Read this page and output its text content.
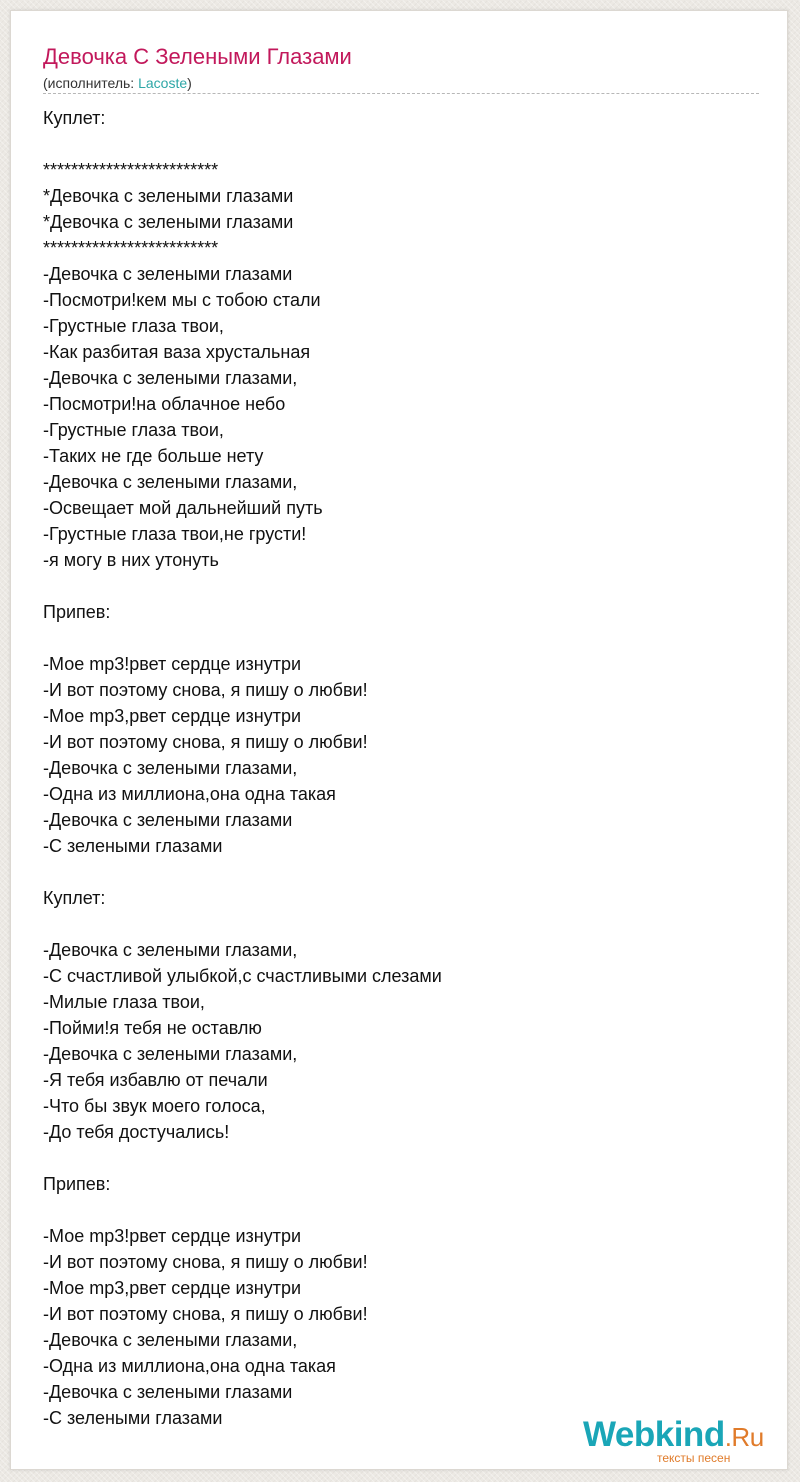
Девочка С Зелеными Глазами
(исполнитель: Lacoste)
Куплет:
*************************
*Девочка с зелеными глазами
*Девочка с зелеными глазами
*************************
-Девочка с зелеными глазами
-Посмотри!кем мы с тобою стали
-Грустные глаза твои,
-Как разбитая ваза хрустальная
-Девочка с зелеными глазами,
-Посмотри!на облачное небо
-Грустные глаза твои,
-Таких не где больше нету
-Девочка с зелеными глазами,
-Освещает мой дальнейший путь
-Грустные глаза твои,не грусти!
-я могу в них утонуть
Припев:
-Мое mp3!рвет сердце изнутри
-И вот поэтому снова, я пишу о любви!
-Мое mp3,рвет сердце изнутри
-И вот поэтому снова, я пишу о любви!
-Девочка с зелеными глазами,
-Одна из миллиона,она одна такая
-Девочка с зелеными глазами
-С зелеными глазами
Куплет:
-Девочка с зелеными глазами,
-С счастливой улыбкой,с счастливыми слезами
-Милые глаза твои,
-Пойми!я тебя не оставлю
-Девочка с зелеными глазами,
-Я тебя избавлю от печали
-Что бы звук моего голоса,
-До тебя достучались!
Припев:
-Мое mp3!рвет сердце изнутри
-И вот поэтому снова, я пишу о любви!
-Мое mp3,рвет сердце изнутри
-И вот поэтому снова, я пишу о любви!
-Девочка с зелеными глазами,
-Одна из миллиона,она одна такая
-Девочка с зелеными глазами
-С зелеными глазами	Webkind.Ru
тексты песен
